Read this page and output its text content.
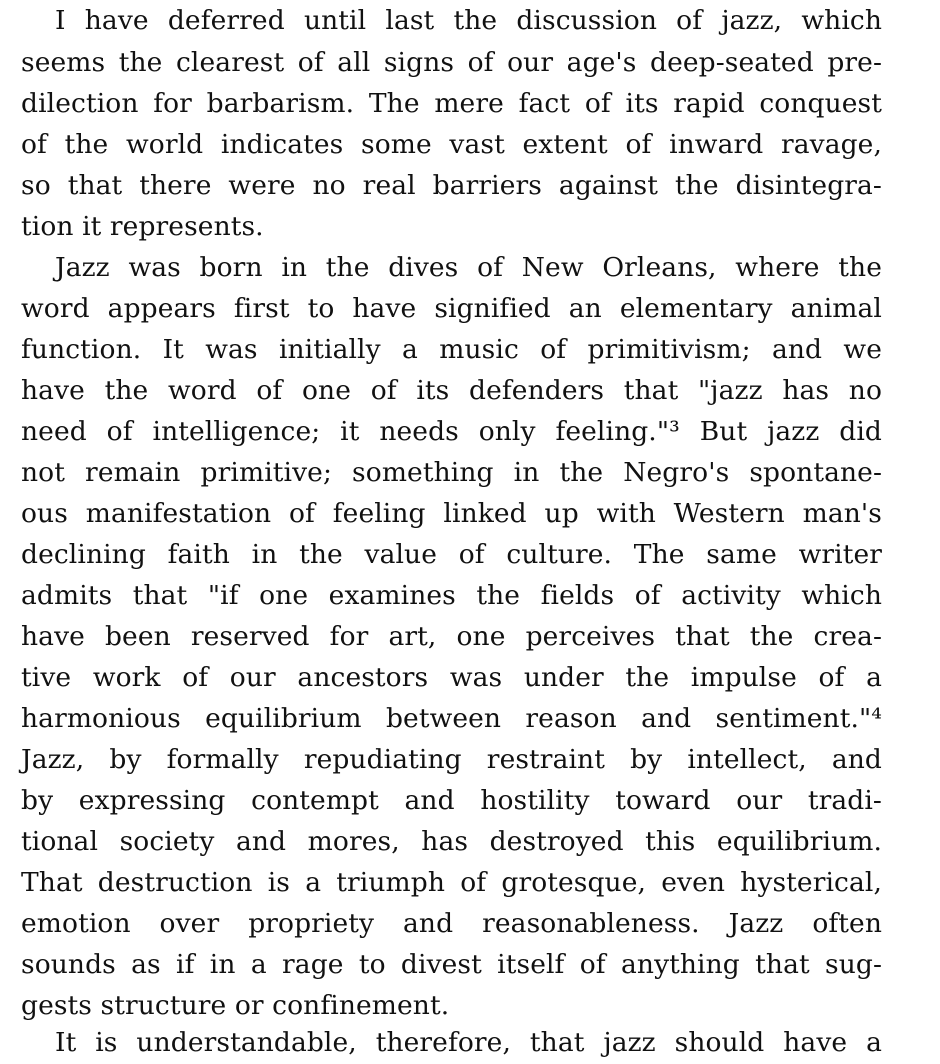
I have deferred until last the discussion of jazz, which
seems the clearest of all signs of our age's deep-seated pre-
dilection for barbarism. The mere fact of its rapid conquest
of the world indicates some vast extent of inward ravage,
so that there were no real barriers against the disintegra-
tion it represents.
Jazz was born in the dives of New Orleans, where the
word appears first to have signified an elementary animal
function. It was initially a music of primitivism; and we
have the word of one of its defenders that "jazz has no
need of intelligence; it needs only feeling."³ But jazz did
not remain primitive; something in the Negro's spontane-
ous manifestation of feeling linked up with Western man's
declining faith in the value of culture. The same writer
admits that "if one examines the fields of activity which
have been reserved for art, one perceives that the crea-
tive work of our ancestors was under the impulse of a
harmonious equilibrium between reason and sentiment."⁴
Jazz, by formally repudiating restraint by intellect, and
by expressing contempt and hostility toward our tradi-
tional society and mores, has destroyed this equilibrium.
That destruction is a triumph of grotesque, even hysterical,
emotion over propriety and reasonableness. Jazz often
sounds as if in a rage to divest itself of anything that sug-
gests structure or confinement.
It is understandable, therefore, that jazz should have a
